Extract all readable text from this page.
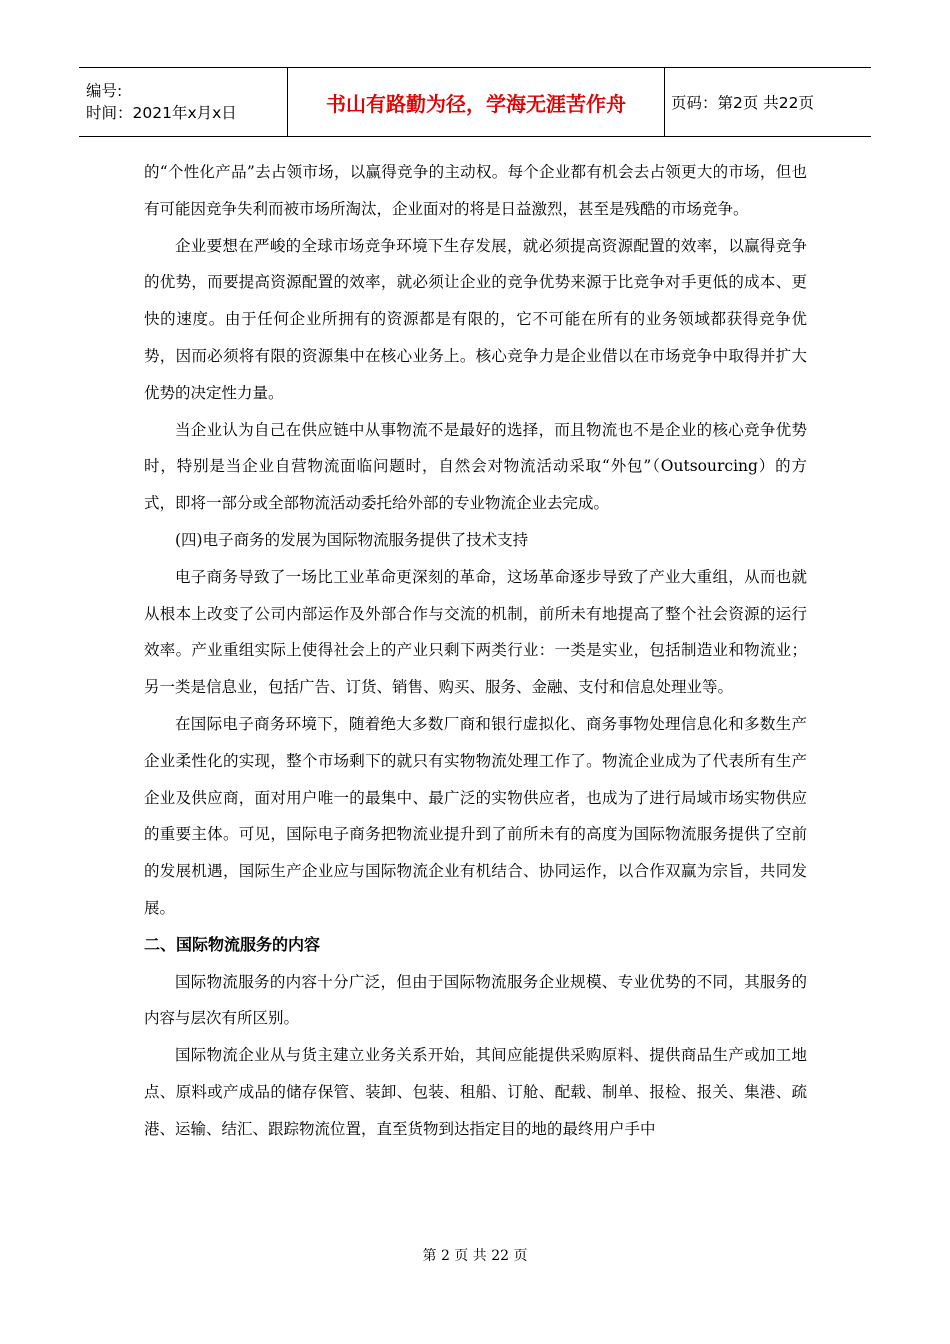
编号:
时间：2021年x月x日	书山有路勤为径，学海无涯苦作舟	页码：第2页 共22页

的“个性化产品”去占领市场，以赢得竞争的主动权。每个企业都有机会去占领更大的市场，但也有可能因竞争失利而被市场所淘汰，企业面对的将是日益激烈，甚至是残酷的市场竞争。

企业要想在严峻的全球市场竞争环境下生存发展，就必须提高资源配置的效率，以赢得竞争的优势，而要提高资源配置的效率，就必须让企业的竞争优势来源于比竞争对手更低的成本、更快的速度。由于任何企业所拥有的资源都是有限的，它不可能在所有的业务领域都获得竞争优势，因而必须将有限的资源集中在核心业务上。核心竞争力是企业借以在市场竞争中取得并扩大优势的决定性力量。

当企业认为自己在供应链中从事物流不是最好的选择，而且物流也不是企业的核心竞争优势时，特别是当企业自营物流面临问题时，自然会对物流活动采取“外包”（Outsourcing）的方式，即将一部分或全部物流活动委托给外部的专业物流企业去完成。

(四)电子商务的发展为国际物流服务提供了技术支持

电子商务导致了一场比工业革命更深刻的革命，这场革命逐步导致了产业大重组，从而也就从根本上改变了公司内部运作及外部合作与交流的机制，前所未有地提高了整个社会资源的运行效率。产业重组实际上使得社会上的产业只剩下两类行业：一类是实业，包括制造业和物流业；另一类是信息业，包括广告、订货、销售、购买、服务、金融、支付和信息处理业等。

在国际电子商务环境下，随着绝大多数厂商和银行虚拟化、商务事物处理信息化和多数生产企业柔性化的实现，整个市场剩下的就只有实物物流处理工作了。物流企业成为了代表所有生产企业及供应商，面对用户唯一的最集中、最广泛的实物供应者，也成为了进行局域市场实物供应的重要主体。可见，国际电子商务把物流业提升到了前所未有的高度为国际物流服务提供了空前的发展机遇，国际生产企业应与国际物流企业有机结合、协同运作，以合作双赢为宗旨，共同发展。

二、国际物流服务的内容

国际物流服务的内容十分广泛，但由于国际物流服务企业规模、专业优势的不同，其服务的内容与层次有所区别。

国际物流企业从与货主建立业务关系开始，其间应能提供采购原料、提供商品生产或加工地点、原料或产成品的储存保管、装卸、包装、租船、订舱、配载、制单、报检、报关、集港、疏港、运输、结汇、跟踪物流位置，直至货物到达指定目的地的最终用户手中

第 2 页 共 22 页
